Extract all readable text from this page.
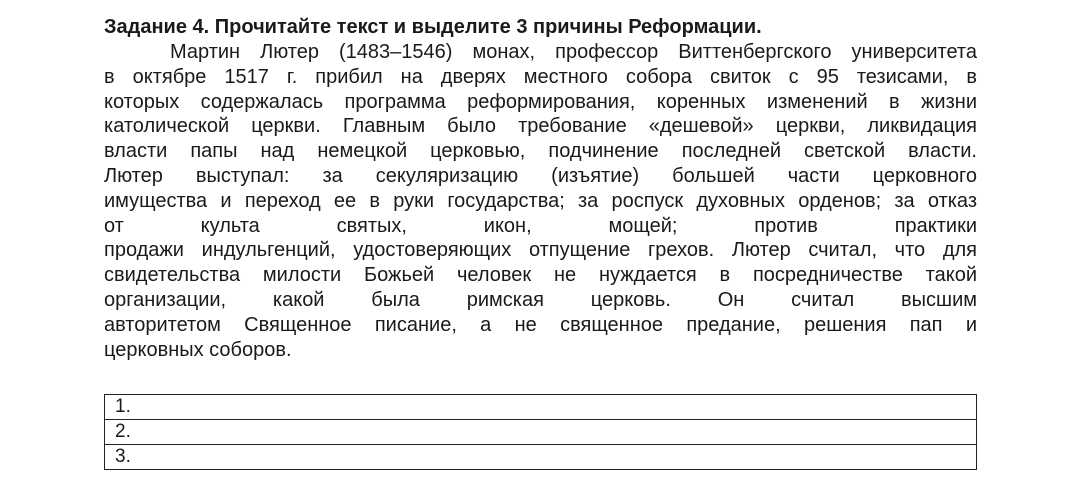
Задание 4. Прочитайте текст и выделите 3 причины Реформации.

Мартин Лютер (1483–1546) монах, профессор Виттенбергского университета
в октябре 1517 г. прибил на дверях местного собора свиток с 95 тезисами, в
которых содержалась программа реформирования, коренных изменений в жизни
католической церкви. Главным было требование «дешевой» церкви, ликвидация
власти папы над немецкой церковью, подчинение последней светской власти.
Лютер выступал: за секуляризацию (изъятие) большей части церковного
имущества и переход ее в руки государства; за роспуск духовных орденов; за отказ
от культа святых, икон, мощей; против практики
продажи индульгенций, удостоверяющих отпущение грехов. Лютер считал, что для
свидетельства милости Божьей человек не нуждается в посредничестве такой
организации, какой была римская церковь. Он считал высшим
авторитетом Священное писание, а не священное предание, решения пап и
церковных соборов.
1.
2.
3.
